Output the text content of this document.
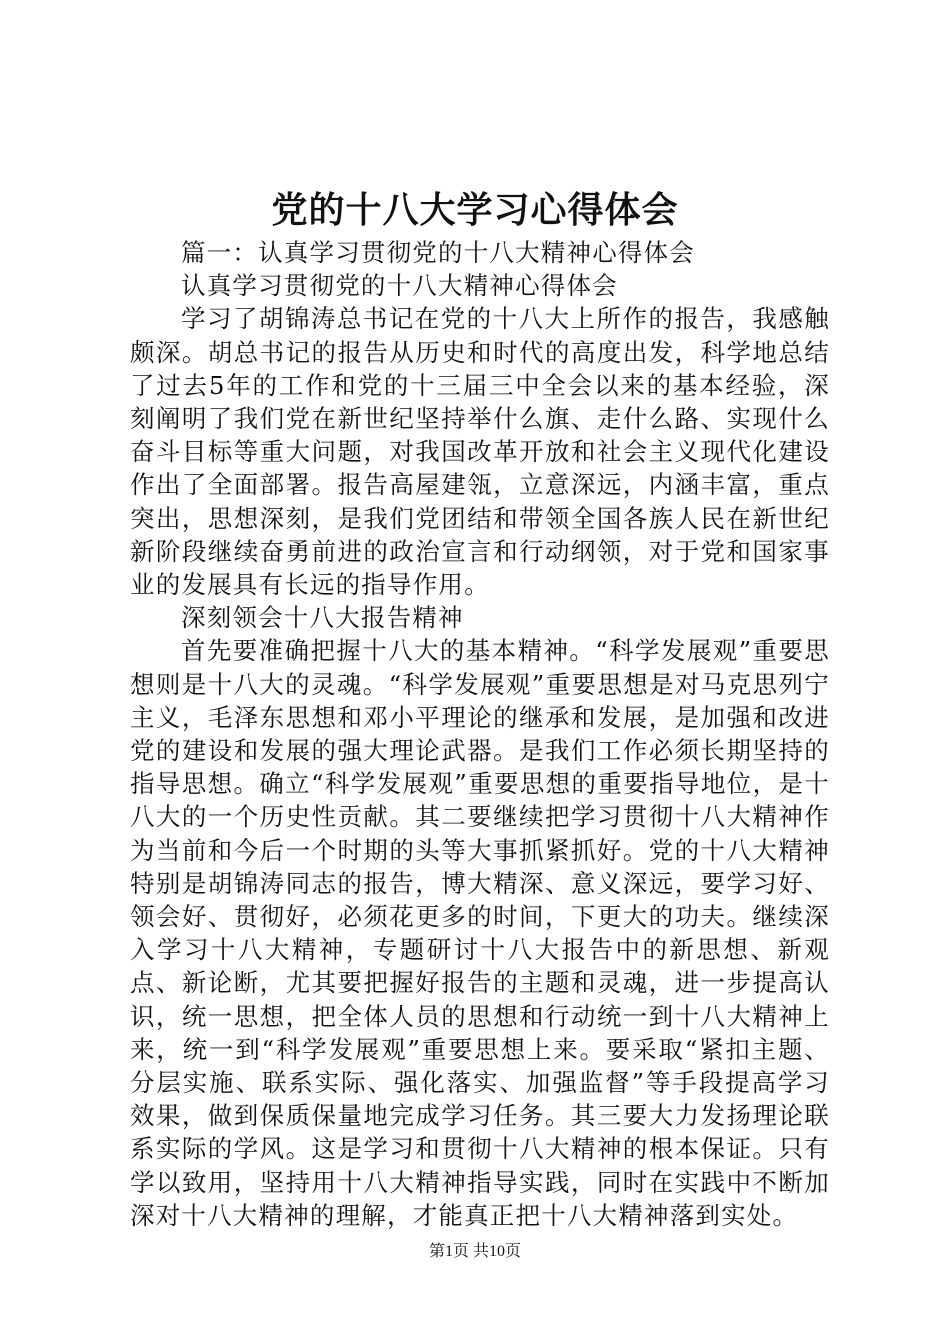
党的十八大学习心得体会

篇一：认真学习贯彻党的十八大精神心得体会

认真学习贯彻党的十八大精神心得体会

学习了胡锦涛总书记在党的十八大上所作的报告，我感触颇深。胡总书记的报告从历史和时代的高度出发，科学地总结了过去5年的工作和党的十三届三中全会以来的基本经验，深刻阐明了我们党在新世纪坚持举什么旗、走什么路、实现什么奋斗目标等重大问题，对我国改革开放和社会主义现代化建设作出了全面部署。报告高屋建瓴，立意深远，内涵丰富，重点突出，思想深刻，是我们党团结和带领全国各族人民在新世纪新阶段继续奋勇前进的政治宣言和行动纲领，对于党和国家事业的发展具有长远的指导作用。

深刻领会十八大报告精神

首先要准确把握十八大的基本精神。“科学发展观”重要思想则是十八大的灵魂。“科学发展观”重要思想是对马克思列宁主义，毛泽东思想和邓小平理论的继承和发展，是加强和改进党的建设和发展的强大理论武器。是我们工作必须长期坚持的指导思想。确立“科学发展观”重要思想的重要指导地位，是十八大的一个历史性贡献。其二要继续把学习贯彻十八大精神作为当前和今后一个时期的头等大事抓紧抓好。党的十八大精神特别是胡锦涛同志的报告，博大精深、意义深远，要学习好、领会好、贯彻好，必须花更多的时间，下更大的功夫。继续深入学习十八大精神，专题研讨十八大报告中的新思想、新观点、新论断，尤其要把握好报告的主题和灵魂，进一步提高认识，统一思想，把全体人员的思想和行动统一到十八大精神上来，统一到“科学发展观”重要思想上来。要采取“紧扣主题、分层实施、联系实际、强化落实、加强监督”等手段提高学习效果，做到保质保量地完成学习任务。其三要大力发扬理论联系实际的学风。这是学习和贯彻十八大精神的根本保证。只有学以致用，坚持用十八大精神指导实践，同时在实践中不断加深对十八大精神的理解，才能真正把十八大精神落到实处。

第1页 共10页
